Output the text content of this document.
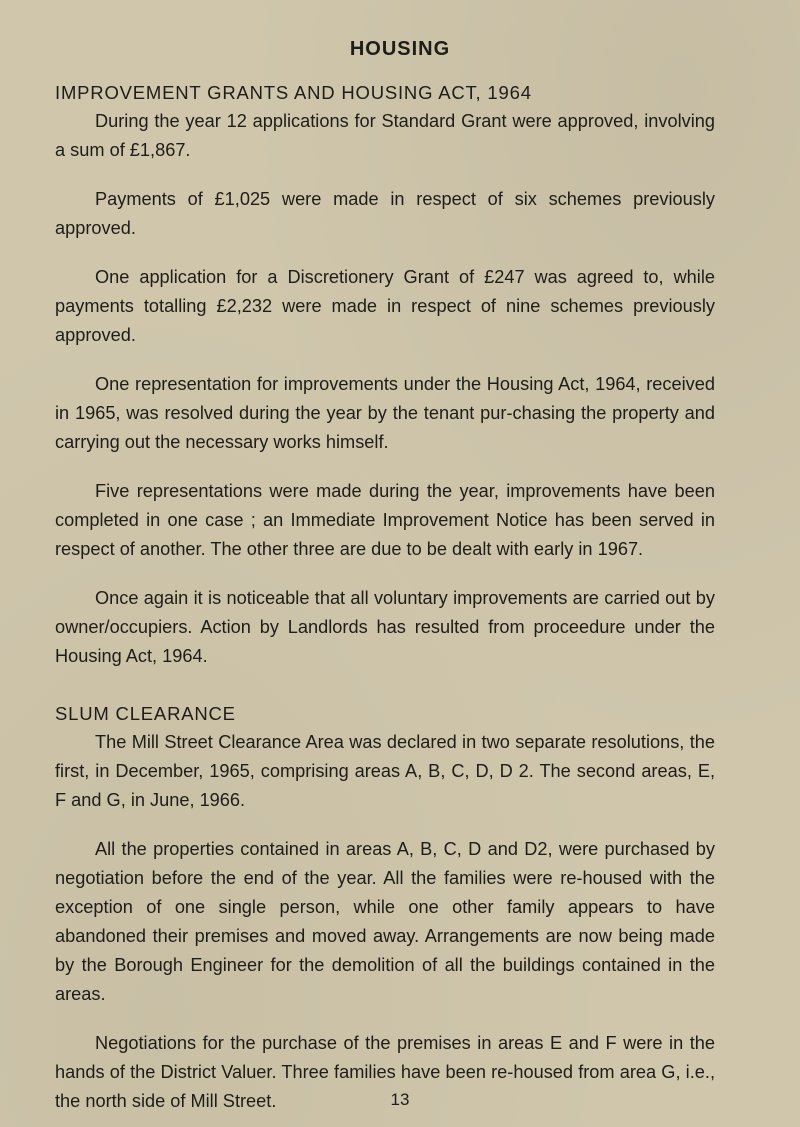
HOUSING
IMPROVEMENT GRANTS AND HOUSING ACT, 1964

During the year 12 applications for Standard Grant were approved, involving a sum of £1,867.

Payments of £1,025 were made in respect of six schemes previously approved.

One application for a Discretionery Grant of £247 was agreed to, while payments totalling £2,232 were made in respect of nine schemes previously approved.

One representation for improvements under the Housing Act, 1964, received in 1965, was resolved during the year by the tenant pur-chasing the property and carrying out the necessary works himself.

Five representations were made during the year, improvements have been completed in one case ; an Immediate Improvement Notice has been served in respect of another. The other three are due to be dealt with early in 1967.

Once again it is noticeable that all voluntary improvements are carried out by owner/occupiers. Action by Landlords has resulted from proceedure under the Housing Act, 1964.

SLUM CLEARANCE

The Mill Street Clearance Area was declared in two separate resolutions, the first, in December, 1965, comprising areas A, B, C, D, D 2. The second areas, E, F and G, in June, 1966.

All the properties contained in areas A, B, C, D and D2, were purchased by negotiation before the end of the year. All the families were re-housed with the exception of one single person, while one other family appears to have abandoned their premises and moved away. Arrangements are now being made by the Borough Engineer for the demolition of all the buildings contained in the areas.

Negotiations for the purchase of the premises in areas E and F were in the hands of the District Valuer. Three families have been re-housed from area G, i.e., the north side of Mill Street.	13
